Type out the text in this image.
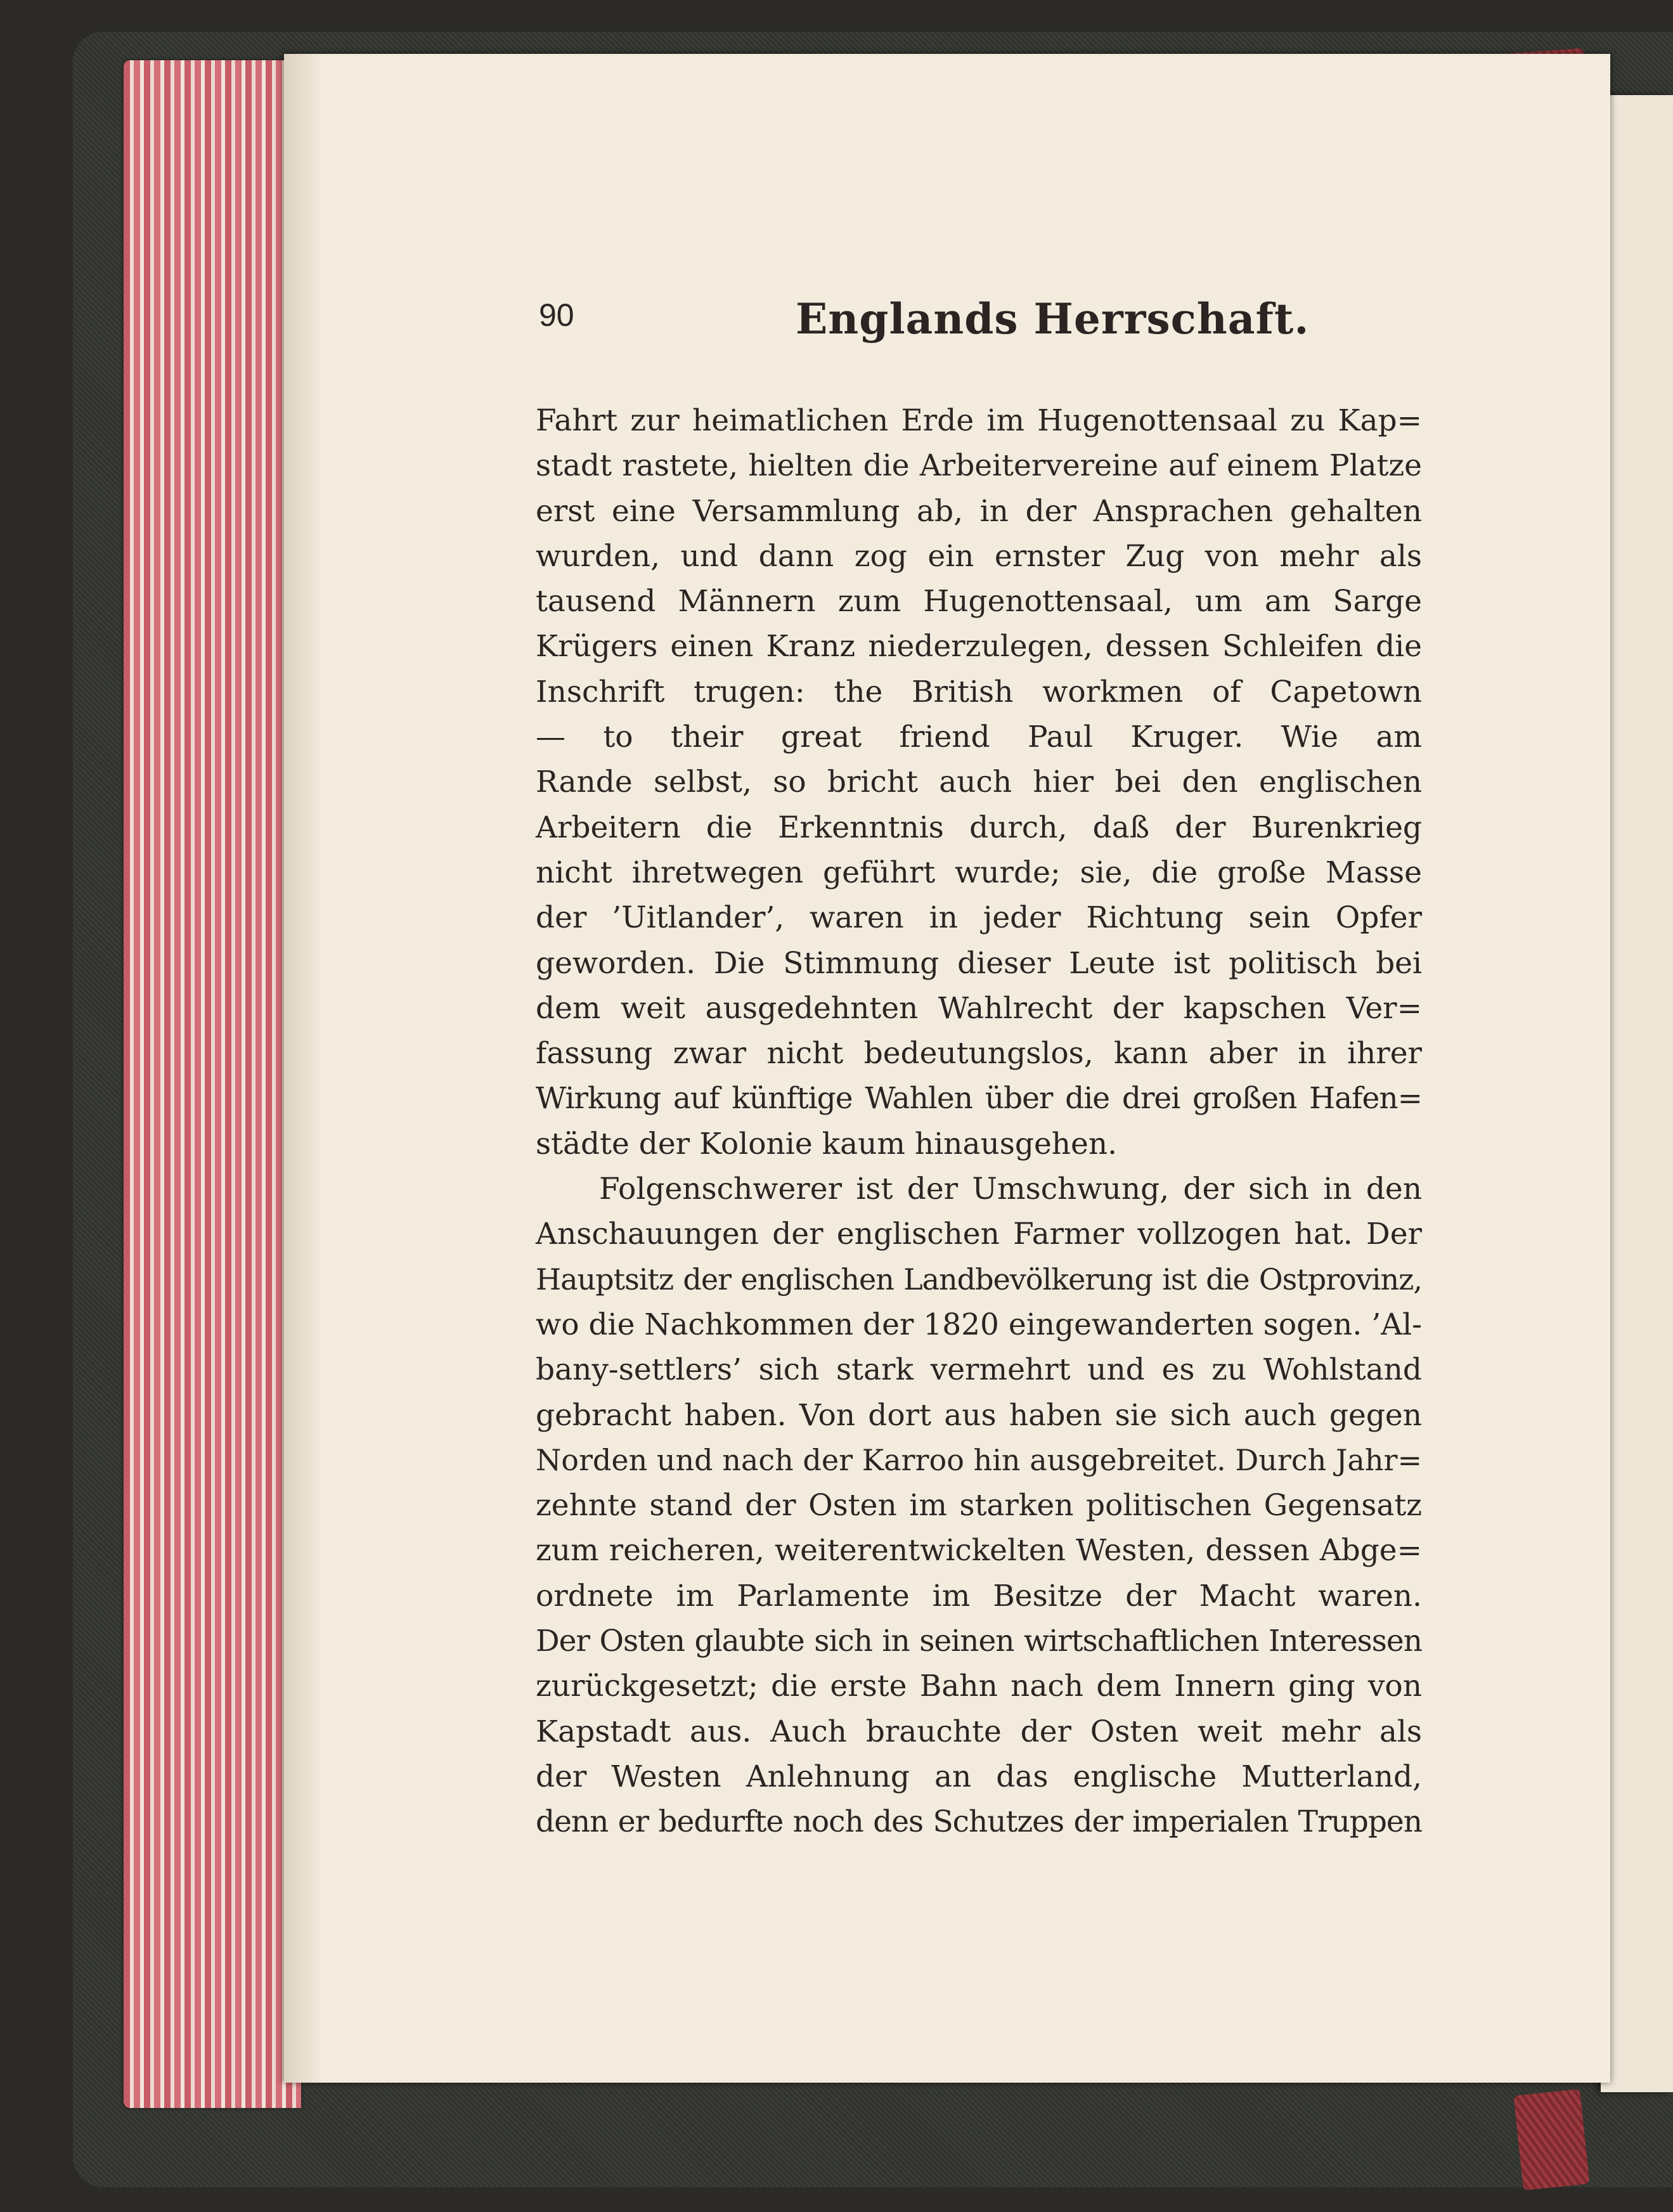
90	Englands Herrschaft.
Fahrt zur heimatlichen Erde im Hugenottensaal zu Kap=
stadt rastete, hielten die Arbeitervereine auf einem Platze
erst eine Versammlung ab, in der Ansprachen gehalten
wurden, und dann zog ein ernster Zug von mehr als
tausend Männern zum Hugenottensaal, um am Sarge
Krügers einen Kranz niederzulegen, dessen Schleifen die
Inschrift trugen: the British workmen of Capetown
— to their great friend Paul Kruger. Wie am
Rande selbst, so bricht auch hier bei den englischen
Arbeitern die Erkenntnis durch, daß der Burenkrieg
nicht ihretwegen geführt wurde; sie, die große Masse
der ’Uitlander’, waren in jeder Richtung sein Opfer
geworden. Die Stimmung dieser Leute ist politisch bei
dem weit ausgedehnten Wahlrecht der kapschen Ver=
fassung zwar nicht bedeutungslos, kann aber in ihrer
Wirkung auf künftige Wahlen über die drei großen Hafen=
städte der Kolonie kaum hinausgehen.
Folgenschwerer ist der Umschwung, der sich in den
Anschauungen der englischen Farmer vollzogen hat. Der
Hauptsitz der englischen Landbevölkerung ist die Ostprovinz,
wo die Nachkommen der 1820 eingewanderten sogen. ’Al-
bany-settlers’ sich stark vermehrt und es zu Wohlstand
gebracht haben. Von dort aus haben sie sich auch gegen
Norden und nach der Karroo hin ausgebreitet. Durch Jahr=
zehnte stand der Osten im starken politischen Gegensatz
zum reicheren, weiterentwickelten Westen, dessen Abge=
ordnete im Parlamente im Besitze der Macht waren.
Der Osten glaubte sich in seinen wirtschaftlichen Interessen
zurückgesetzt; die erste Bahn nach dem Innern ging von
Kapstadt aus. Auch brauchte der Osten weit mehr als
der Westen Anlehnung an das englische Mutterland,
denn er bedurfte noch des Schutzes der imperialen Truppen
